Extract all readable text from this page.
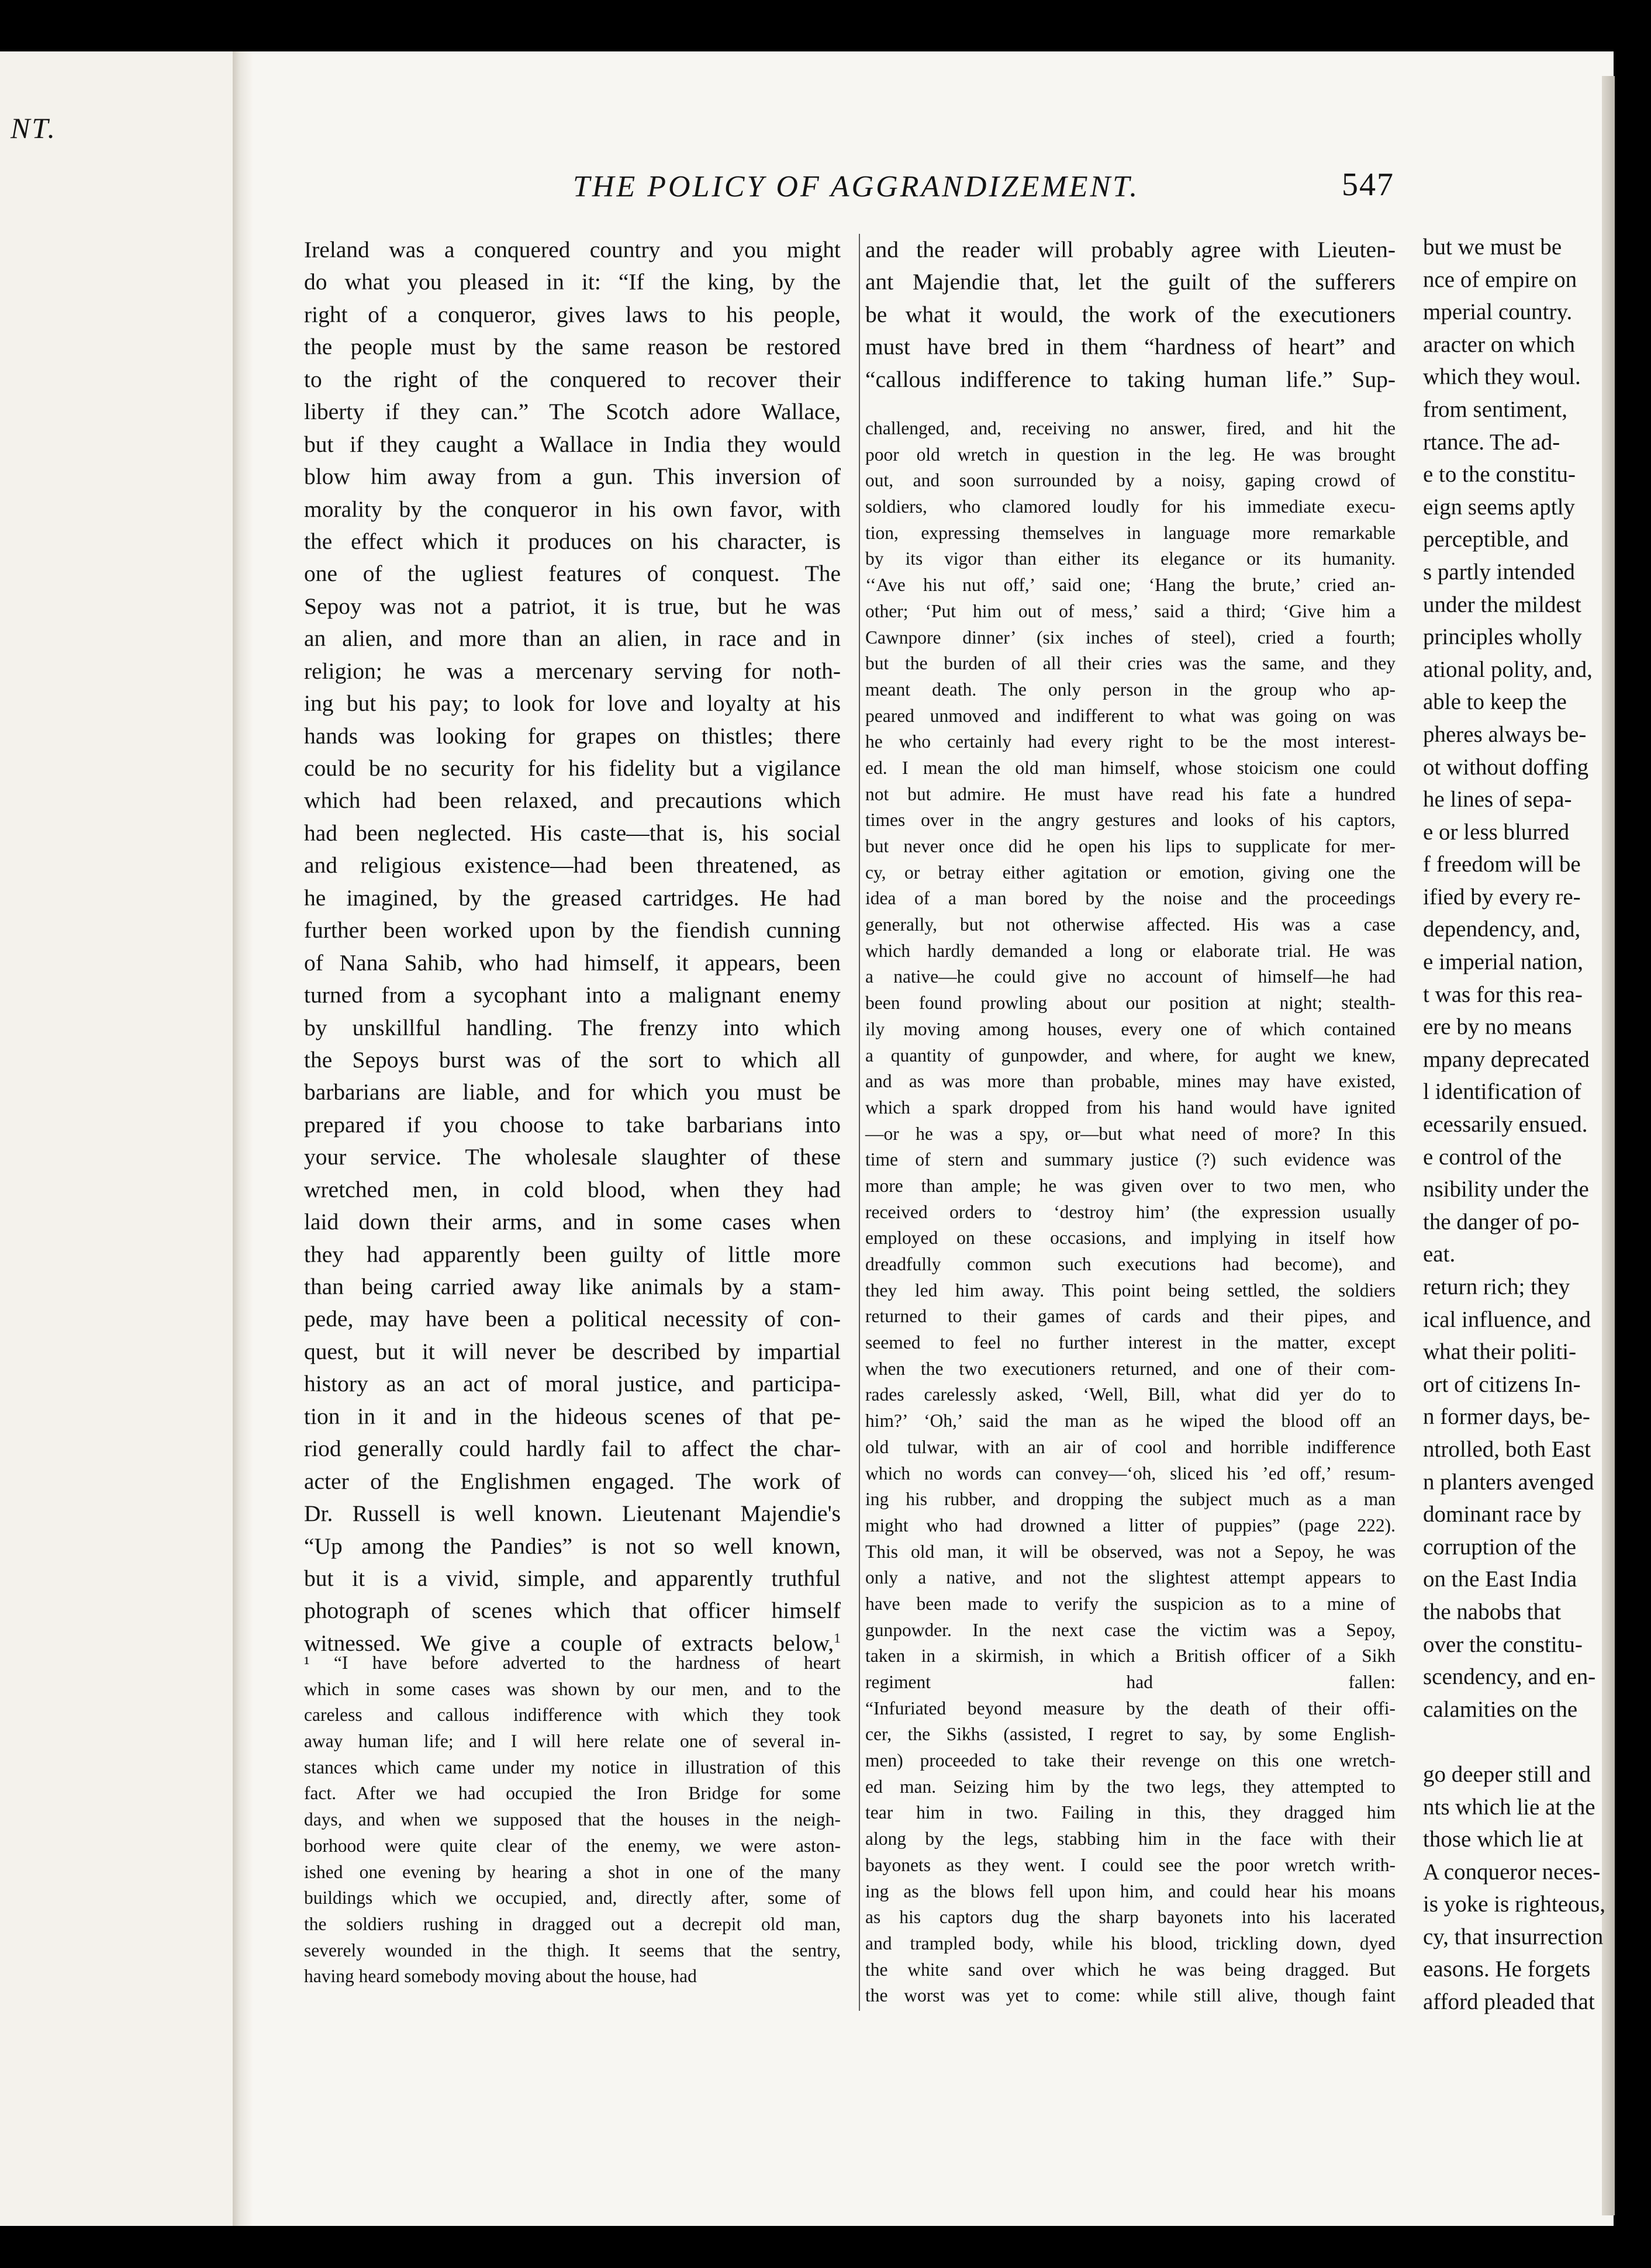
NT.
but we must be
nce of empire on
mperial country.
aracter on which
which they woul.
from sentiment,
rtance. The ad-
e to the constitu-
eign seems aptly
perceptible, and
s partly intended
under the mildest
principles wholly
ational polity, and,
able to keep the
pheres always be-
ot without doffing
he lines of sepa-
e or less blurred
f freedom will be
ified by every re-
dependency, and,
e imperial nation,
t was for this rea-
ere by no means
mpany deprecated
l identification of
ecessarily ensued.
e control of the
nsibility under the
the danger of po-
eat.
return rich; they
ical influence, and
what their politi-
ort of citizens In-
n former days, be-
ntrolled, both East
n planters avenged
dominant race by
corruption of the
on the East India
the nabobs that
over the constitu-
scendency, and en-
calamities on the
go deeper still and
nts which lie at the
those which lie at
A conqueror neces-
is yoke is righteous,
cy, that insurrection
easons. He forgets
afford pleaded that
THE POLICY OF AGGRANDIZEMENT.	547
Ireland was a conquered country and you might
do what you pleased in it: “If the king, by the
right of a conqueror, gives laws to his people,
the people must by the same reason be restored
to the right of the conquered to recover their
liberty if they can.” The Scotch adore Wallace,
but if they caught a Wallace in India they would
blow him away from a gun. This inversion of
morality by the conqueror in his own favor, with
the effect which it produces on his character, is
one of the ugliest features of conquest. The
Sepoy was not a patriot, it is true, but he was
an alien, and more than an alien, in race and in
religion; he was a mercenary serving for noth-
ing but his pay; to look for love and loyalty at his
hands was looking for grapes on thistles; there
could be no security for his fidelity but a vigilance
which had been relaxed, and precautions which
had been neglected. His caste—that is, his social
and religious existence—had been threatened, as
he imagined, by the greased cartridges. He had
further been worked upon by the fiendish cunning
of Nana Sahib, who had himself, it appears, been
turned from a sycophant into a malignant enemy
by unskillful handling. The frenzy into which
the Sepoys burst was of the sort to which all
barbarians are liable, and for which you must be
prepared if you choose to take barbarians into
your service. The wholesale slaughter of these
wretched men, in cold blood, when they had
laid down their arms, and in some cases when
they had apparently been guilty of little more
than being carried away like animals by a stam-
pede, may have been a political necessity of con-
quest, but it will never be described by impartial
history as an act of moral justice, and participa-
tion in it and in the hideous scenes of that pe-
riod generally could hardly fail to affect the char-
acter of the Englishmen engaged. The work of
Dr. Russell is well known. Lieutenant Majendie's
“Up among the Pandies” is not so well known,
but it is a vivid, simple, and apparently truthful
photograph of scenes which that officer himself
witnessed. We give a couple of extracts below,$^1$
¹ “I have before adverted to the hardness of heart
which in some cases was shown by our men, and to the
careless and callous indifference with which they took
away human life; and I will here relate one of several in-
stances which came under my notice in illustration of this
fact. After we had occupied the Iron Bridge for some
days, and when we supposed that the houses in the neigh-
borhood were quite clear of the enemy, we were aston-
ished one evening by hearing a shot in one of the many
buildings which we occupied, and, directly after, some of
the soldiers rushing in dragged out a decrepit old man,
severely wounded in the thigh. It seems that the sentry,
having heard somebody moving about the house, had
and the reader will probably agree with Lieuten-
ant Majendie that, let the guilt of the sufferers
be what it would, the work of the executioners
must have bred in them “hardness of heart” and
“callous indifference to taking human life.” Sup-
challenged, and, receiving no answer, fired, and hit the
poor old wretch in question in the leg. He was brought
out, and soon surrounded by a noisy, gaping crowd of
soldiers, who clamored loudly for his immediate execu-
tion, expressing themselves in language more remarkable
by its vigor than either its elegance or its humanity.
‘‘Ave his nut off,’ said one; ‘Hang the brute,’ cried an-
other; ‘Put him out of mess,’ said a third; ‘Give him a
Cawnpore dinner’ (six inches of steel), cried a fourth;
but the burden of all their cries was the same, and they
meant death. The only person in the group who ap-
peared unmoved and indifferent to what was going on was
he who certainly had every right to be the most interest-
ed. I mean the old man himself, whose stoicism one could
not but admire. He must have read his fate a hundred
times over in the angry gestures and looks of his captors,
but never once did he open his lips to supplicate for mer-
cy, or betray either agitation or emotion, giving one the
idea of a man bored by the noise and the proceedings
generally, but not otherwise affected. His was a case
which hardly demanded a long or elaborate trial. He was
a native—he could give no account of himself—he had
been found prowling about our position at night; stealth-
ily moving among houses, every one of which contained
a quantity of gunpowder, and where, for aught we knew,
and as was more than probable, mines may have existed,
which a spark dropped from his hand would have ignited
—or he was a spy, or—but what need of more? In this
time of stern and summary justice (?) such evidence was
more than ample; he was given over to two men, who
received orders to ‘destroy him’ (the expression usually
employed on these occasions, and implying in itself how
dreadfully common such executions had become), and
they led him away. This point being settled, the soldiers
returned to their games of cards and their pipes, and
seemed to feel no further interest in the matter, except
when the two executioners returned, and one of their com-
rades carelessly asked, ‘Well, Bill, what did yer do to
him?’ ‘Oh,’ said the man as he wiped the blood off an
old tulwar, with an air of cool and horrible indifference
which no words can convey—‘oh, sliced his ’ed off,’ resum-
ing his rubber, and dropping the subject much as a man
might who had drowned a litter of puppies” (page 222).
This old man, it will be observed, was not a Sepoy, he was
only a native, and not the slightest attempt appears to
have been made to verify the suspicion as to a mine of
gunpowder. In the next case the victim was a Sepoy,
taken in a skirmish, in which a British officer of a Sikh
regiment had fallen:
“Infuriated beyond measure by the death of their offi-
cer, the Sikhs (assisted, I regret to say, by some English-
men) proceeded to take their revenge on this one wretch-
ed man. Seizing him by the two legs, they attempted to
tear him in two. Failing in this, they dragged him
along by the legs, stabbing him in the face with their
bayonets as they went. I could see the poor wretch writh-
ing as the blows fell upon him, and could hear his moans
as his captors dug the sharp bayonets into his lacerated
and trampled body, while his blood, trickling down, dyed
the white sand over which he was being dragged. But
the worst was yet to come: while still alive, though faint
